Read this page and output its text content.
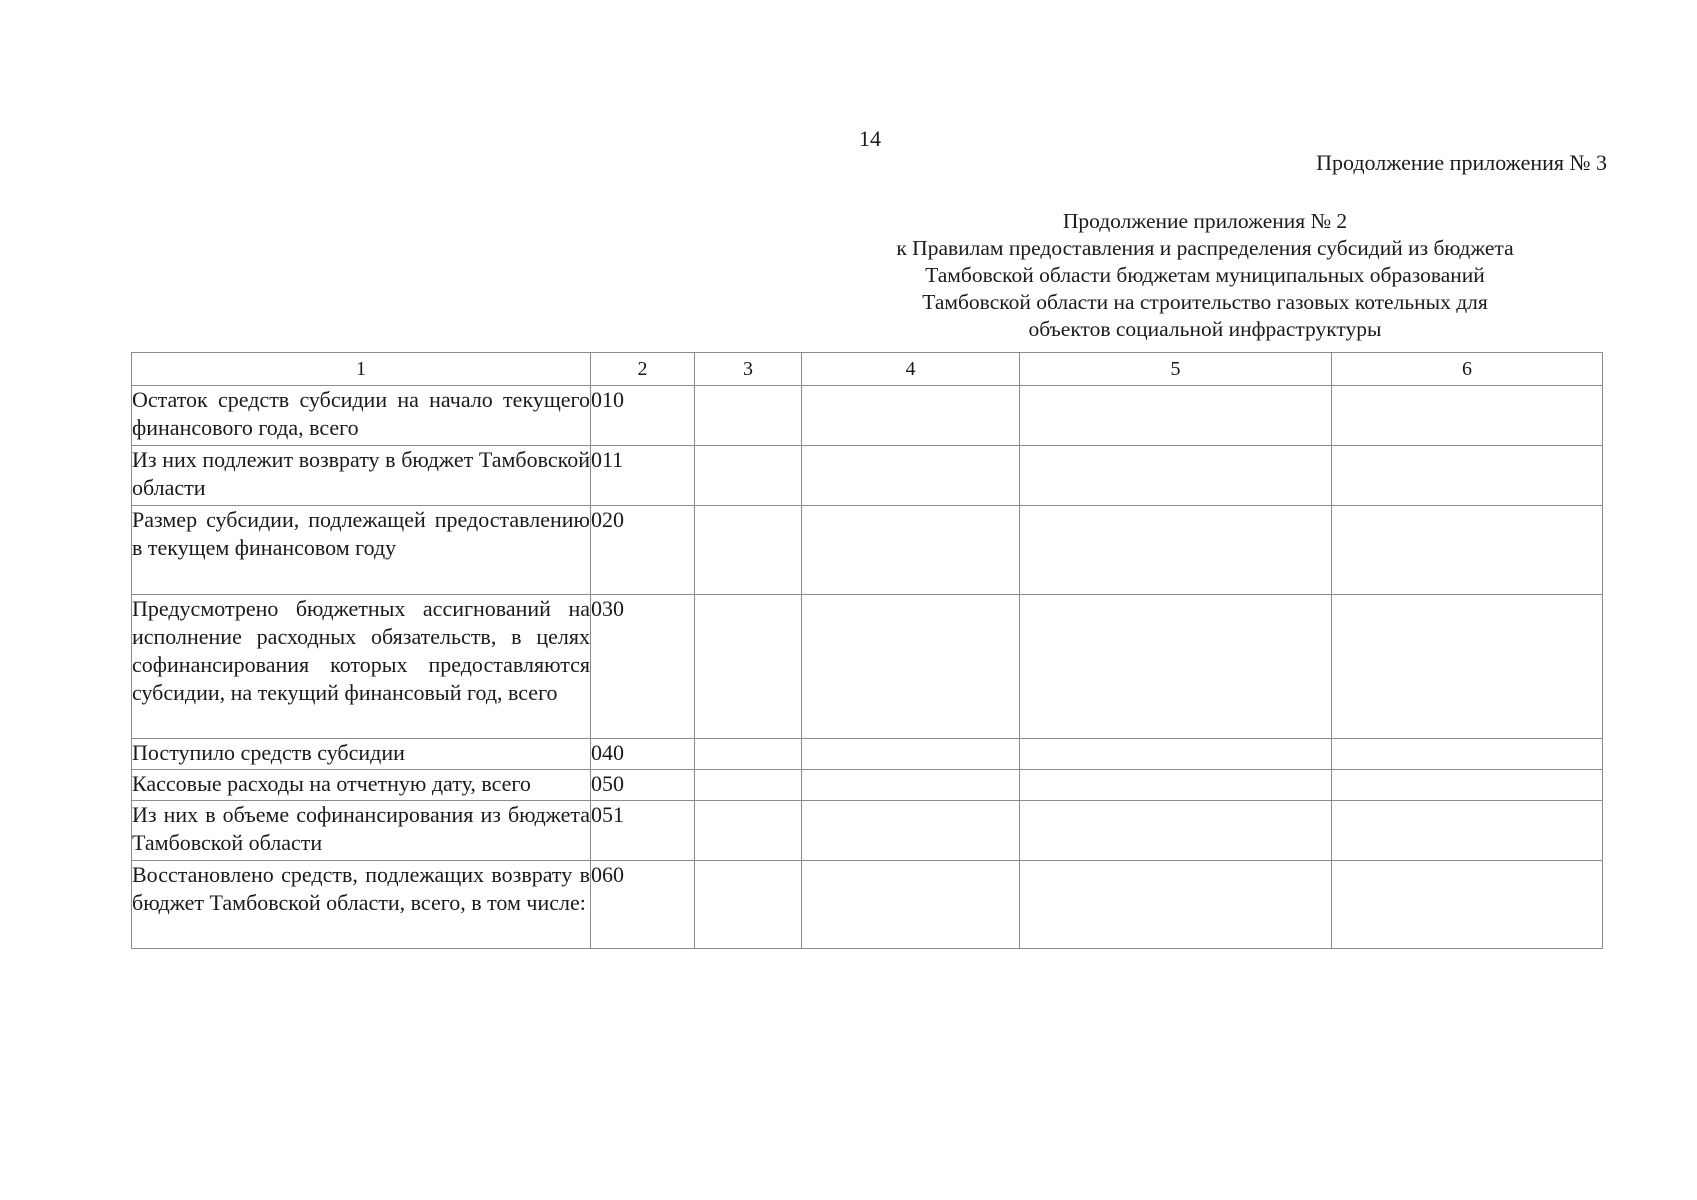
14
Продолжение приложения № 3
Продолжение приложения № 2
к Правилам предоставления и распределения субсидий из бюджета
Тамбовской области бюджетам муниципальных образований
Тамбовской области на строительство газовых котельных для
объектов социальной инфраструктуры
1	2	3	4	5	6
Остаток средств субсидии на начало текущего финансового года, всего	010				
Из них подлежит возврату в бюджет Тамбовской области	011				
Размер субсидии, подлежащей предоставлению в текущем финансовом году	020				
Предусмотрено бюджетных ассигнований на исполнение расходных обязательств, в целях софинансирования которых предоставляются субсидии, на текущий финансовый год, всего	030				
Поступило средств субсидии	040				
Кассовые расходы на отчетную дату, всего	050				
Из них в объеме софинансирования из бюджета Тамбовской области	051				
Восстановлено средств, подлежащих возврату в бюджет Тамбовской области, всего, в том числе:	060				
